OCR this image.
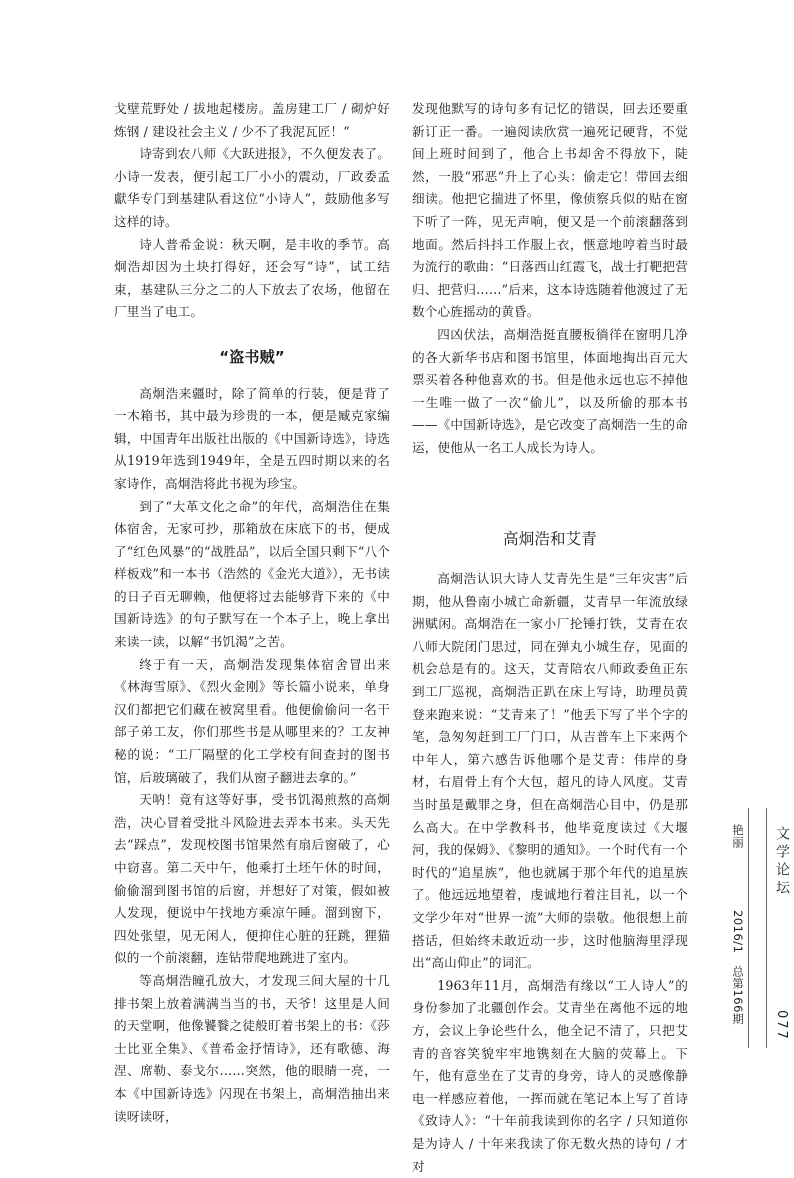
戈壁荒野处 / 拔地起楼房。盖房建工厂 / 砌炉好炼钢 / 建设社会主义 / 少不了我泥瓦匠！”

诗寄到农八师《大跃进报》，不久便发表了。小诗一发表，便引起工厂小小的震动，厂政委孟獻华专门到基建队看这位“小诗人”，鼓励他多写这样的诗。

诗人普希金说：秋天啊，是丰收的季节。高炯浩却因为土块打得好，还会写“诗”，试工结束，基建队三分之二的人下放去了农场，他留在厂里当了电工。

“盗书贼”

高炯浩来疆时，除了简单的行装，便是背了一木箱书，其中最为珍贵的一本，便是臧克家编辑，中国青年出版社出版的《中国新诗选》，诗选从1919年选到1949年，全是五四时期以来的名家诗作，高炯浩将此书视为珍宝。

到了“大革文化之命”的年代，高炯浩住在集体宿舍，无家可抄，那箱放在床底下的书，便成了“红色风暴”的“战胜品”，以后全国只剩下“八个样板戏”和一本书（浩然的《金光大道》），无书读的日子百无聊赖，他便将过去能够背下来的《中国新诗选》的句子默写在一个本子上，晚上拿出来读一读，以解“书饥渴”之苦。

终于有一天，高炯浩发现集体宿舍冒出来《林海雪原》、《烈火金刚》等长篇小说来，单身汉们都把它们藏在被窝里看。他便偷偷问一名干部子弟工友，你们那些书是从哪里来的？工友神秘的说：“工厂隔壁的化工学校有间查封的图书馆，后玻璃破了，我们从窗子翻进去拿的。”

天呐！竟有这等好事，受书饥渴煎熬的高炯浩，决心冒着受批斗风险进去弄本书来。头天先去“踩点”，发现校图书馆果然有扇后窗破了，心中窃喜。第二天中午，他乘打土坯午休的时间，偷偷溜到图书馆的后窗，并想好了对策，假如被人发现，便说中午找地方乘凉午睡。溜到窗下，四处张望，见无闲人，便抑住心脏的狂跳，狸猫似的一个前滚翻，连钻带爬地跳进了室内。

等高炯浩瞳孔放大，才发现三间大屋的十几排书架上放着满满当当的书，天爷！这里是人间的天堂啊，他像饕餮之徒般盯着书架上的书：《莎士比亚全集》、《普希金抒情诗》，还有歌德、海涅、席勒、泰戈尔……突然，他的眼睛一亮，一本《中国新诗选》闪现在书架上，高炯浩抽出来读呀读呀，

发现他默写的诗句多有记忆的错误，回去还要重新订正一番。一遍阅读欣赏一遍死记硬背，不觉间上班时间到了，他合上书却舍不得放下，陡然，一股“邪恶”升上了心头：偷走它！带回去细细读。他把它揣进了怀里，像侦察兵似的贴在窗下听了一阵，见无声响，便又是一个前滚翻落到地面。然后抖抖工作服上衣，惬意地哼着当时最为流行的歌曲：“日落西山红霞飞，战士打靶把营归、把营归……”后来，这本诗选随着他渡过了无数个心旌摇动的黄昏。

四凶伏法，高炯浩挺直腰板徜徉在窗明几净的各大新华书店和图书馆里，体面地掏出百元大票买着各种他喜欢的书。但是他永远也忘不掉他一生唯一做了一次“偷儿”，以及所偷的那本书——《中国新诗选》，是它改变了高炯浩一生的命运，使他从一名工人成长为诗人。

高炯浩和艾青

高炯浩认识大诗人艾青先生是“三年灾害”后期，他从鲁南小城亡命新疆，艾青早一年流放绿洲赋闲。高炯浩在一家小厂抡锤打铁，艾青在农八师大院闭门思过，同在弹丸小城生存，见面的机会总是有的。这天，艾青陪农八师政委鱼正东到工厂巡视，高炯浩正趴在床上写诗，助理员黄登来跑来说：“艾青来了！”他丢下写了半个字的笔，急匆匆赶到工厂门口，从吉普车上下来两个中年人，第六感告诉他哪个是艾青：伟岸的身材，右眉骨上有个大包，超凡的诗人风度。艾青当时虽是戴罪之身，但在高炯浩心目中，仍是那么高大。在中学教科书，他毕竟度读过《大堰河，我的保姆》、《黎明的通知》。一个时代有一个时代的“追星族”，他也就属于那个年代的追星族了。他远远地望着，虔诚地行着注目礼，以一个文学少年对“世界一流”大师的崇敬。他很想上前搭话，但始终未敢近动一步，这时他脑海里浮现出“高山仰止”的词汇。

1963年11月，高炯浩有缘以“工人诗人”的身份参加了北疆创作会。艾青坐在离他不远的地方，会议上争论些什么，他全记不清了，只把艾青的音容笑貌牢牢地镌刻在大脑的荧幕上。下午，他有意坐在了艾青的身旁，诗人的灵感像静电一样感应着他，一挥而就在笔记本上写了首诗《致诗人》：“十年前我读到你的名字 / 只知道你是为诗人 / 十年来我读了你无数火热的诗句 / 才对

艳丽
2016/1　总第166期
文学论坛
077
